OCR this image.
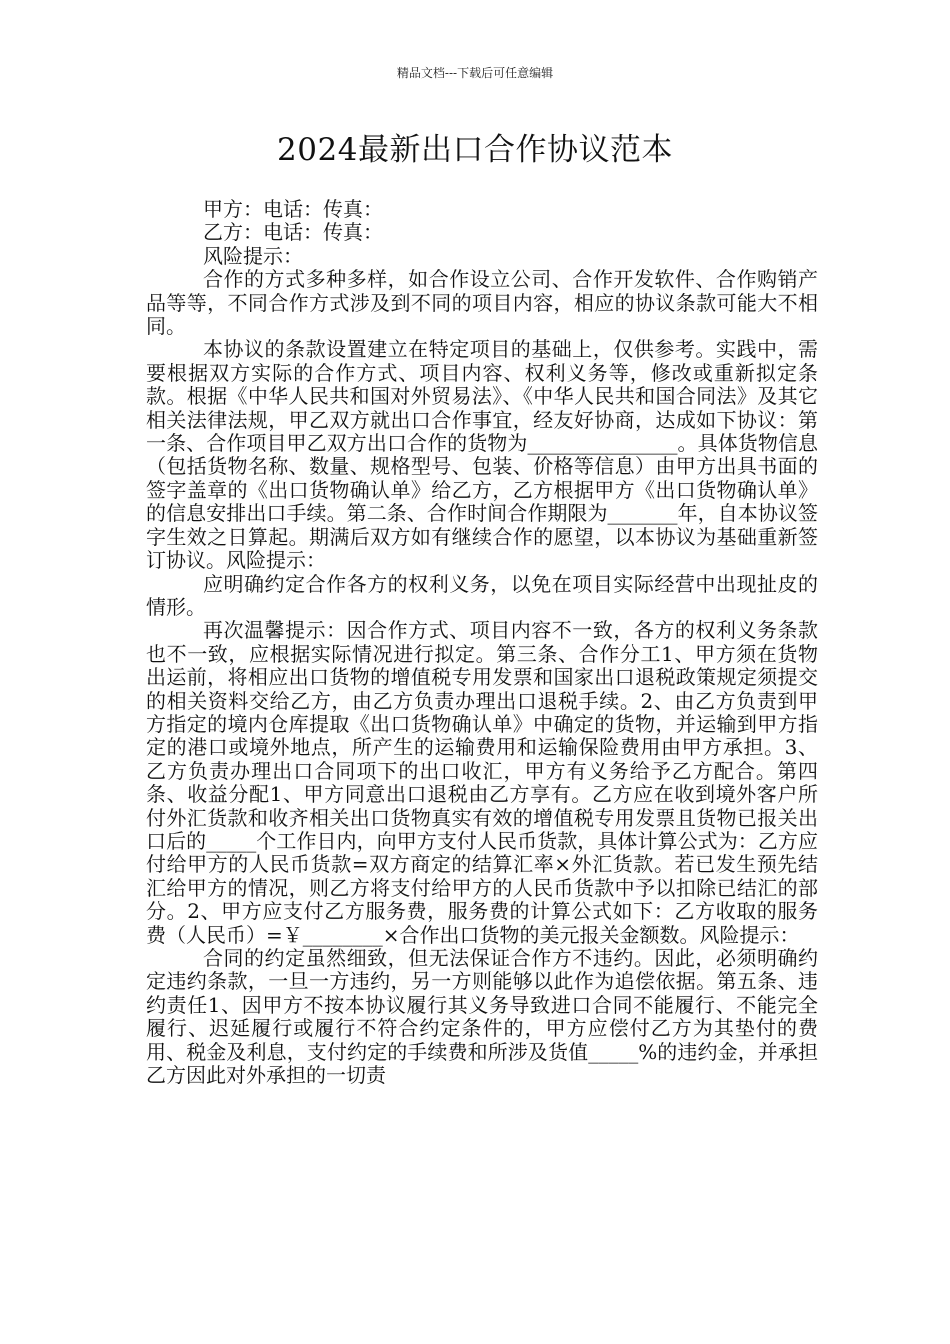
精品文档---下载后可任意编辑
2024最新出口合作协议范本

甲方：电话：传真：

乙方：电话：传真：

风险提示：

合作的方式多种多样，如合作设立公司、合作开发软件、合作购销产品等等，不同合作方式涉及到不同的项目内容，相应的协议条款可能大不相同。

本协议的条款设置建立在特定项目的基础上，仅供参考。实践中，需要根据双方实际的合作方式、项目内容、权利义务等，修改或重新拟定条款。根据《中华人民共和国对外贸易法》、《中华人民共和国合同法》及其它相关法律法规，甲乙双方就出口合作事宜，经友好协商，达成如下协议：第一条、合作项目甲乙双方出口合作的货物为_______________。具体货物信息（包括货物名称、数量、规格型号、包装、价格等信息）由甲方出具书面的签字盖章的《出口货物确认单》给乙方，乙方根据甲方《出口货物确认单》的信息安排出口手续。第二条、合作时间合作期限为_______年，自本协议签字生效之日算起。期满后双方如有继续合作的愿望，以本协议为基础重新签订协议。风险提示：

应明确约定合作各方的权利义务，以免在项目实际经营中出现扯皮的情形。

再次温馨提示：因合作方式、项目内容不一致，各方的权利义务条款也不一致，应根据实际情况进行拟定。第三条、合作分工1、甲方须在货物出运前，将相应出口货物的增值税专用发票和国家出口退税政策规定须提交的相关资料交给乙方，由乙方负责办理出口退税手续。2、由乙方负责到甲方指定的境内仓库提取《出口货物确认单》中确定的货物，并运输到甲方指定的港口或境外地点，所产生的运输费用和运输保险费用由甲方承担。3、乙方负责办理出口合同项下的出口收汇，甲方有义务给予乙方配合。第四条、收益分配1、甲方同意出口退税由乙方享有。乙方应在收到境外客户所付外汇货款和收齐相关出口货物真实有效的增值税专用发票且货物已报关出口后的_____个工作日内，向甲方支付人民币货款，具体计算公式为：乙方应付给甲方的人民币货款=双方商定的结算汇率×外汇货款。若已发生预先结汇给甲方的情况，则乙方将支付给甲方的人民币货款中予以扣除已结汇的部分。2、甲方应支付乙方服务费，服务费的计算公式如下：乙方收取的服务费（人民币）=￥________×合作出口货物的美元报关金额数。风险提示：

合同的约定虽然细致，但无法保证合作方不违约。因此，必须明确约定违约条款，一旦一方违约，另一方则能够以此作为追偿依据。第五条、违约责任1、因甲方不按本协议履行其义务导致进口合同不能履行、不能完全履行、迟延履行或履行不符合约定条件的，甲方应偿付乙方为其垫付的费用、税金及利息，支付约定的手续费和所涉及货值_____%的违约金，并承担乙方因此对外承担的一切责
